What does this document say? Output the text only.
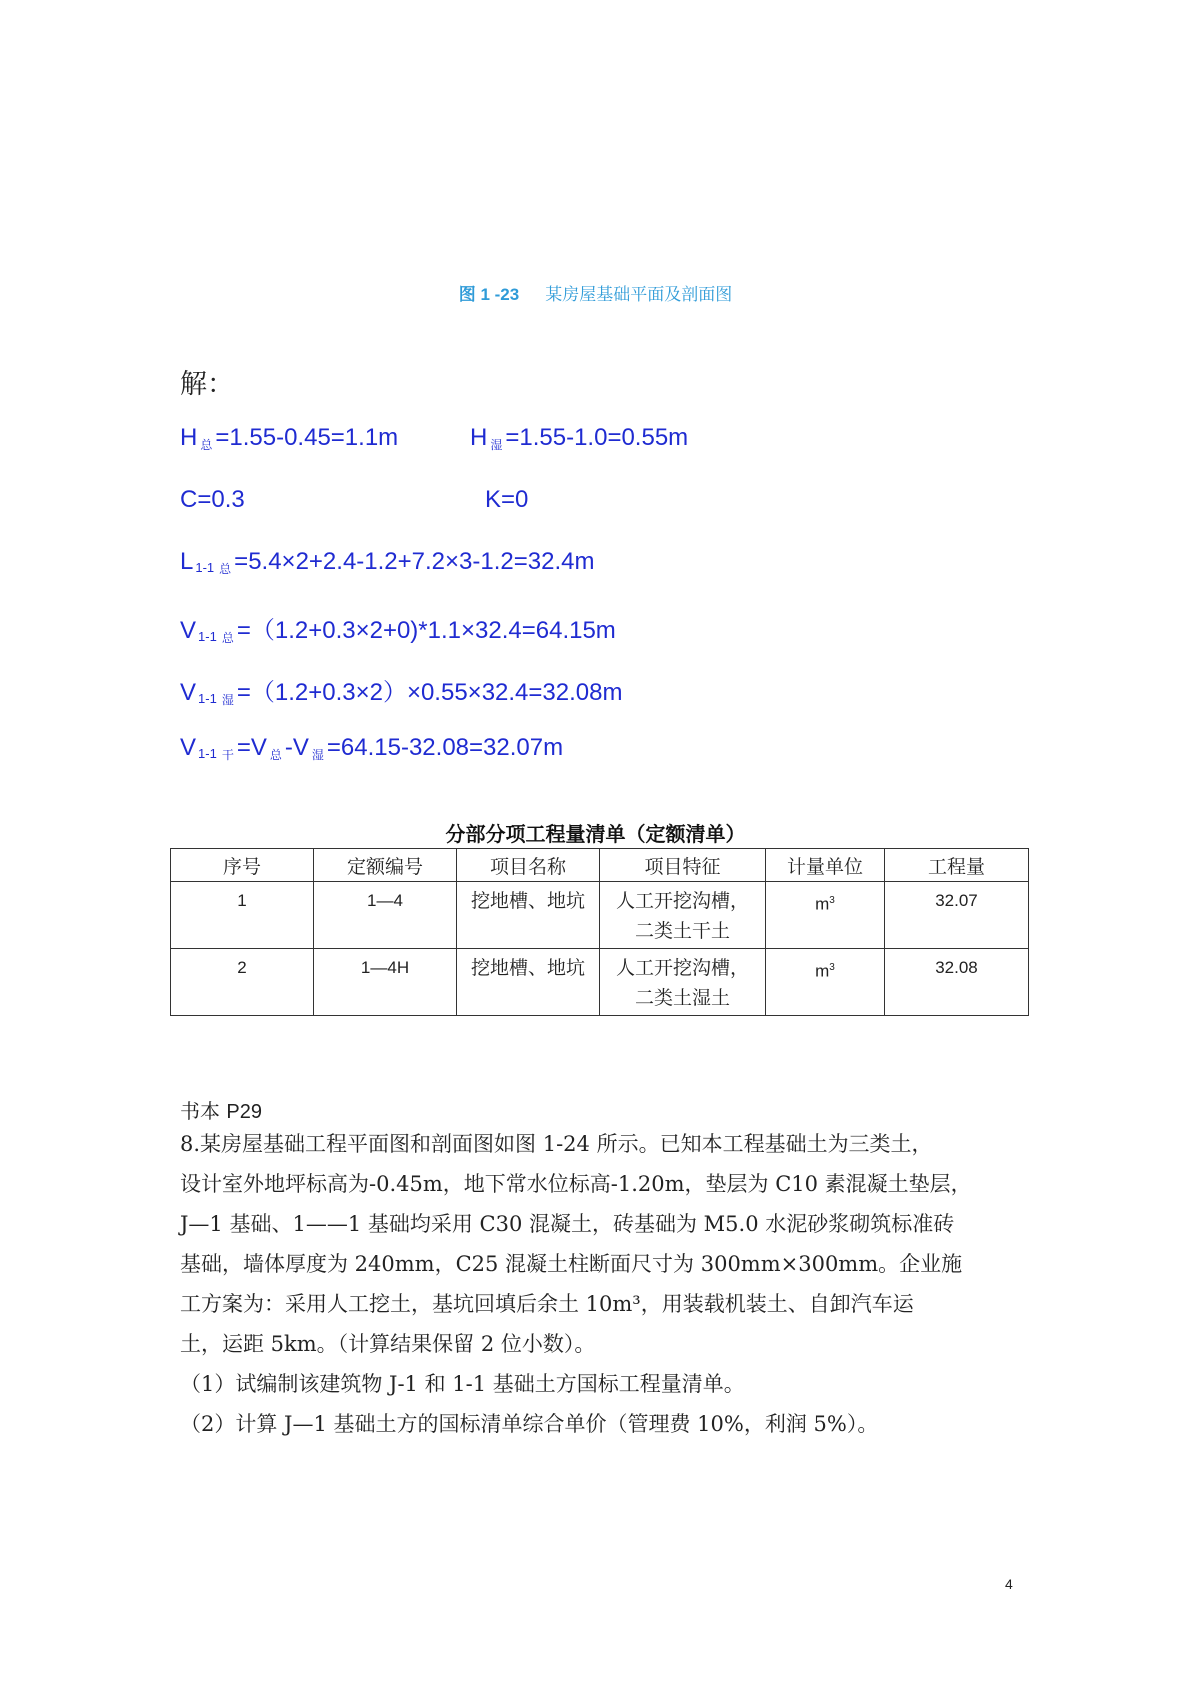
图 1 -23 某房屋基础平面及剖面图
解：
H总 =1.55-0.45=1.1m	H湿 =1.55-1.0=0.55m
C=0.3	K=0
L $_{1-1}$ 总 =5.4×2+2.4-1.2+7.2×3-1.2=32.4m
V $_{1-1}$ 总 =（1.2+0.3×2+0)*1.1×32.4=64.15m
V $_{1-1}$ 湿 =（1.2+0.3×2）×0.55×32.4=32.08m
V $_{1-1}$ 干 =V 总 -V 湿 =64.15-32.08=32.07m
分部分项工程量清单（定额清单）
序号	定额编号	项目名称	项目特征	计量单位	工程量
1	1—4	挖地槽、地坑	人工开挖沟槽，
二类土干土	$m^3$	32.07
2	1—4H	挖地槽、地坑	人工开挖沟槽，
二类土湿土	$m^3$	32.08
书本 P29

8.某房屋基础工程平面图和剖面图如图 1-24 所示。已知本工程基础土为三类土，

设计室外地坪标高为-0.45m，地下常水位标高-1.20m，垫层为 C10 素混凝土垫层，

J—1 基础、1——1 基础均采用 C30 混凝土，砖基础为 M5.0 水泥砂浆砌筑标准砖

基础，墙体厚度为 240mm，C25 混凝土柱断面尺寸为 300mm×300mm。企业施

工方案为：采用人工挖土，基坑回填后余土 10m³，用装载机装土、自卸汽车运

土，运距 5km。（计算结果保留 2 位小数）。

（1）试编制该建筑物 J-1 和 1-1 基础土方国标工程量清单。

（2）计算 J—1 基础土方的国标清单综合单价（管理费 10%，利润 5%）。

4
